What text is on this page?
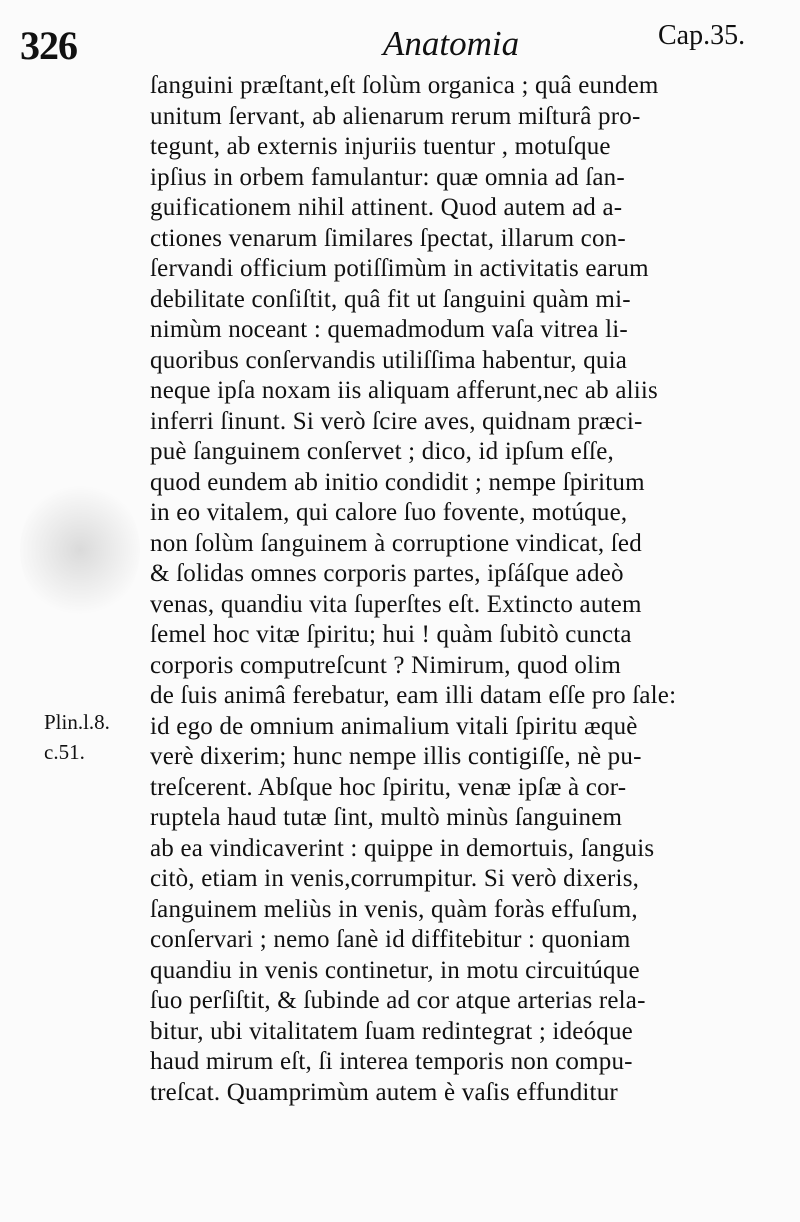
326	Anatomia	Cap.35.
Plin.l.8.
c.51.
ſanguini præſtant,eſt ſolùm organica ; quâ eundem
unitum ſervant, ab alienarum rerum miſturâ pro-
tegunt, ab externis injuriis tuentur , motuſque
ipſius in orbem famulantur: quæ omnia ad ſan-
guificationem nihil attinent. Quod autem ad a-
ctiones venarum ſimilares ſpectat, illarum con-
ſervandi officium potiſſimùm in activitatis earum
debilitate conſiſtit, quâ fit ut ſanguini quàm mi-
nimùm noceant : quemadmodum vaſa vitrea li-
quoribus conſervandis utiliſſima habentur, quia
neque ipſa noxam iis aliquam afferunt,nec ab aliis
inferri ſinunt. Si verò ſcire aves, quidnam præci-
puè ſanguinem conſervet ; dico, id ipſum eſſe,
quod eundem ab initio condidit ; nempe ſpiritum
in eo vitalem, qui calore ſuo fovente, motúque,
non ſolùm ſanguinem à corruptione vindicat, ſed
& ſolidas omnes corporis partes, ipſáſque adeò
venas, quandiu vita ſuperſtes eſt. Extincto autem
ſemel hoc vitæ ſpiritu; hui ! quàm ſubitò cuncta
corporis computreſcunt ? Nimirum, quod olim
de ſuis animâ ferebatur, eam illi datam eſſe pro ſale:
id ego de omnium animalium vitali ſpiritu æquè
verè dixerim; hunc nempe illis contigiſſe, nè pu-
treſcerent. Abſque hoc ſpiritu, venæ ipſæ à cor-
ruptela haud tutæ ſint, multò minùs ſanguinem
ab ea vindicaverint : quippe in demortuis, ſanguis
citò, etiam in venis,corrumpitur. Si verò dixeris,
ſanguinem meliùs in venis, quàm foràs effuſum,
conſervari ; nemo ſanè id diffitebitur : quoniam
quandiu in venis continetur, in motu circuitúque
ſuo perſiſtit, & ſubinde ad cor atque arterias rela-
bitur, ubi vitalitatem ſuam redintegrat ; ideóque
haud mirum eſt, ſi interea temporis non compu-
treſcat. Quamprimùm autem è vaſis effunditur
